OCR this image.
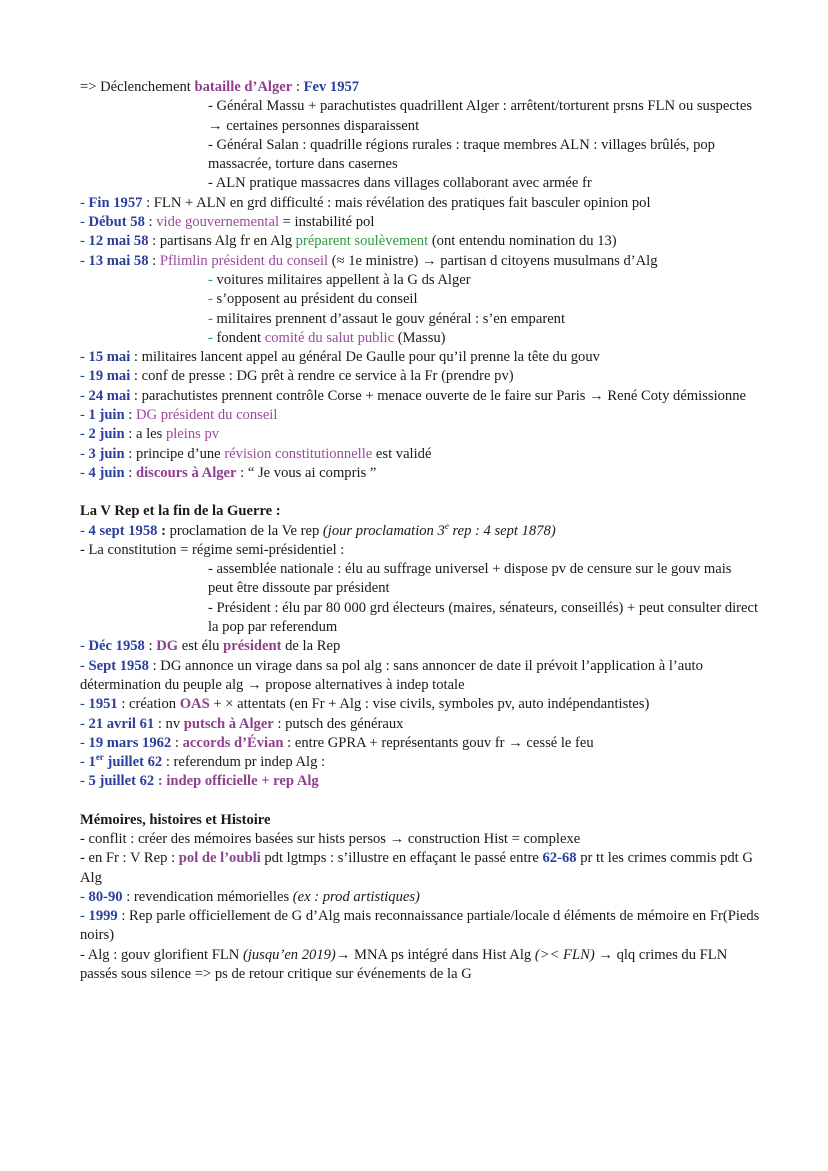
=> Déclenchement bataille d’Alger : Fev 1957
- Général Massu + parachutistes quadrillent Alger : arrêtent/torturent prsns FLN ou suspectes → certaines personnes disparaissent
- Général Salan : quadrille régions rurales : traque membres ALN : villages brûlés, pop massacrée, torture dans casernes
- ALN pratique massacres dans villages collaborant avec armée fr
- Fin 1957 : FLN + ALN en grd difficulté : mais révélation des pratiques fait basculer opinion pol
- Début 58 : vide gouvernemental = instabilité pol
- 12 mai 58 : partisans Alg fr en Alg préparent soulèvement (ont entendu nomination du 13)
- 13 mai 58 : Pflimlin président du conseil (≈ 1e ministre) → partisan d citoyens musulmans d’Alg
- voitures militaires appellent à la G ds Alger
- s’opposent au président du conseil
- militaires prennent d’assaut le gouv général : s’en emparent
- fondent comité du salut public (Massu)
- 15 mai : militaires lancent appel au général De Gaulle pour qu’il prenne la tête du gouv
- 19 mai : conf de presse : DG prêt à rendre ce service à la Fr (prendre pv)
- 24 mai : parachutistes prennent contrôle Corse + menace ouverte de le faire sur Paris → René Coty démissionne
- 1 juin : DG président du conseil
- 2 juin : a les pleins pv
- 3 juin : principe d’une révision constitutionnelle est validé
- 4 juin : discours à Alger : “ Je vous ai compris ”
La V Rep et la fin de la Guerre :
- 4 sept 1958 : proclamation de la Ve rep (jour proclamation 3e rep : 4 sept 1878)
- La constitution = régime semi-présidentiel :
- assemblée nationale : élu au suffrage universel + dispose pv de censure sur le gouv mais peut être dissoute par président
- Président : élu par 80 000 grd électeurs (maires, sénateurs, conseillés) + peut consulter direct la pop par referendum
- Déc 1958 : DG est élu président de la Rep
- Sept 1958 : DG annonce un virage dans sa pol alg : sans annoncer de date il prévoit l’application à l’auto détermination du peuple alg → propose alternatives à indep totale
- 1951 : création OAS + × attentats (en Fr + Alg : vise civils, symboles pv, auto indépendantistes)
- 21 avril 61 : nv putsch à Alger : putsch des généraux
- 19 mars 1962 : accords d’Évian : entre GPRA + représentants gouv fr → cessé le feu
- 1er juillet 62 : referendum pr indep Alg :
- 5 juillet 62 : indep officielle + rep Alg
Mémoires, histoires et Histoire
- conflit : créer des mémoires basées sur hists persos → construction Hist = complexe
- en Fr : V Rep : pol de l’oubli pdt lgtmps : s’illustre en effaçant le passé entre 62-68 pr tt les crimes commis pdt G Alg
- 80-90 : revendication mémorielles (ex : prod artistiques)
- 1999 : Rep parle officiellement de G d’Alg mais reconnaissance partiale/locale d éléments de mémoire en Fr(Pieds noirs)
- Alg : gouv glorifient FLN (jusqu’en 2019)→ MNA ps intégré dans Hist Alg (>< FLN) → qlq crimes du FLN passés sous silence => ps de retour critique sur événements de la G
